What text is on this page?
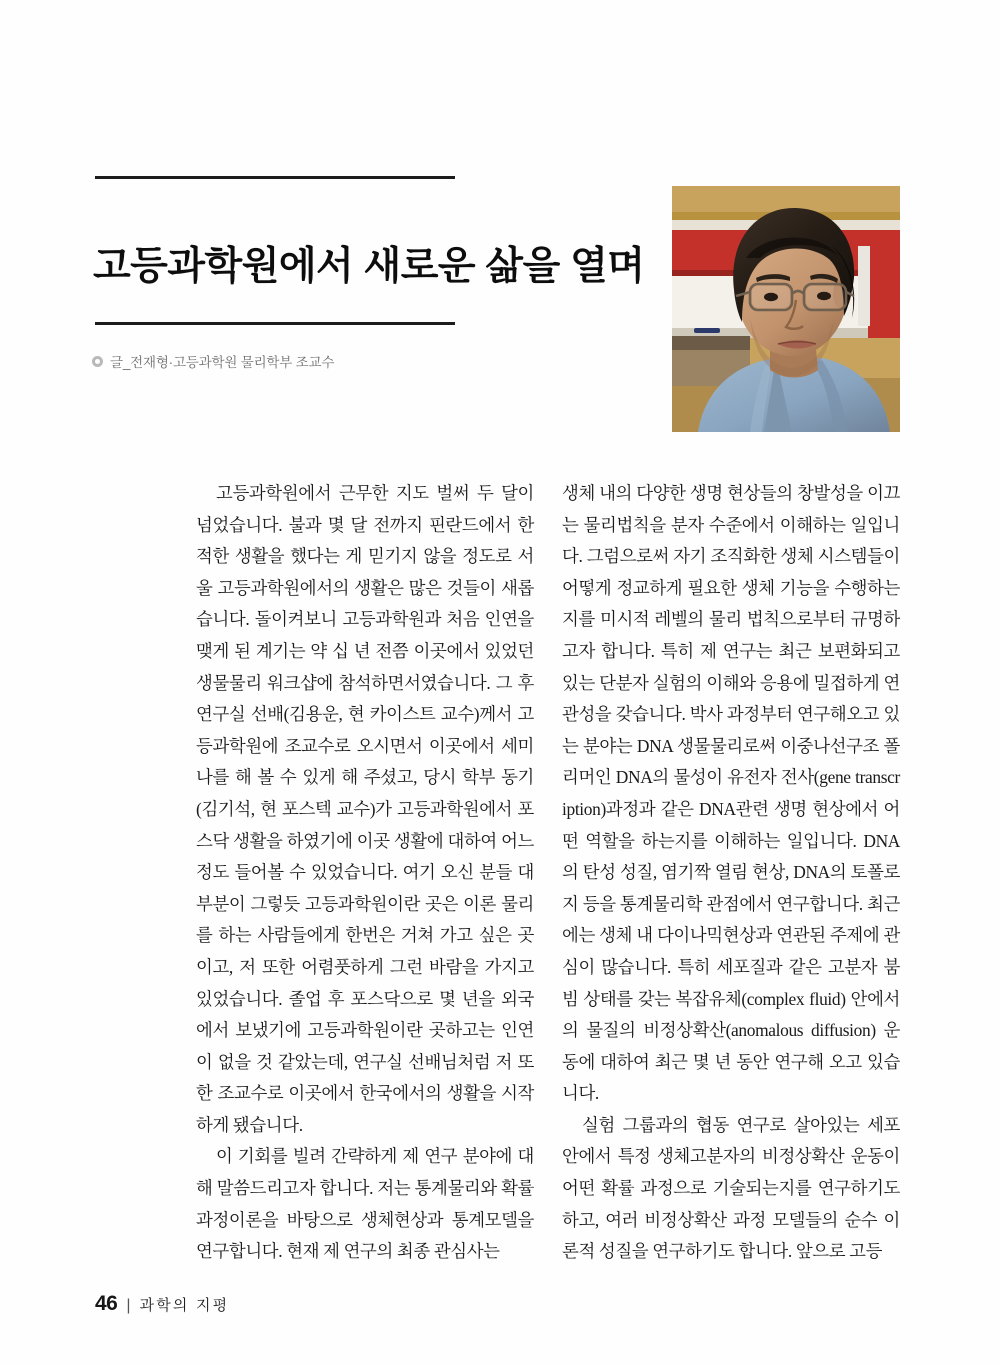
고등과학원에서 새로운 삶을 열며
글_전재형·고등과학원 물리학부 조교수

고등과학원에서 근무한 지도 벌써 두 달이 넘었습니다. 불과 몇 달 전까지 핀란드에서 한적한 생활을 했다는 게 믿기지 않을 정도로 서울 고등과학원에서의 생활은 많은 것들이 새롭습니다. 돌이켜보니 고등과학원과 처음 인연을 맺게 된 계기는 약 십 년 전쯤 이곳에서 있었던 생물물리 워크샵에 참석하면서였습니다. 그 후 연구실 선배(김용운, 현 카이스트 교수)께서 고등과학원에 조교수로 오시면서 이곳에서 세미나를 해 볼 수 있게 해 주셨고, 당시 학부 동기(김기석, 현 포스텍 교수)가 고등과학원에서 포스닥 생활을 하였기에 이곳 생활에 대하여 어느 정도 들어볼 수 있었습니다. 여기 오신 분들 대부분이 그렇듯 고등과학원이란 곳은 이론 물리를 하는 사람들에게 한번은 거쳐 가고 싶은 곳이고, 저 또한 어렴풋하게 그런 바람을 가지고 있었습니다. 졸업 후 포스닥으로 몇 년을 외국에서 보냈기에 고등과학원이란 곳하고는 인연이 없을 것 같았는데, 연구실 선배님처럼 저 또한 조교수로 이곳에서 한국에서의 생활을 시작하게 됐습니다.

이 기회를 빌려 간략하게 제 연구 분야에 대해 말씀드리고자 합니다. 저는 통계물리와 확률 과정이론을 바탕으로 생체현상과 통계모델을 연구합니다. 현재 제 연구의 최종 관심사는

생체 내의 다양한 생명 현상들의 창발성을 이끄는 물리법칙을 분자 수준에서 이해하는 일입니다. 그럼으로써 자기 조직화한 생체 시스템들이 어떻게 정교하게 필요한 생체 기능을 수행하는지를 미시적 레벨의 물리 법칙으로부터 규명하고자 합니다. 특히 제 연구는 최근 보편화되고 있는 단분자 실험의 이해와 응용에 밀접하게 연관성을 갖습니다. 박사 과정부터 연구해오고 있는 분야는 DNA 생물물리로써 이중나선구조 폴리머인 DNA의 물성이 유전자 전사(gene transcription)과정과 같은 DNA관련 생명 현상에서 어떤 역할을 하는지를 이해하는 일입니다. DNA의 탄성 성질, 염기짝 열림 현상, DNA의 토폴로지 등을 통계물리학 관점에서 연구합니다. 최근에는 생체 내 다이나믹현상과 연관된 주제에 관심이 많습니다. 특히 세포질과 같은 고분자 붐빔 상태를 갖는 복잡유체(complex fluid) 안에서의 물질의 비정상확산(anomalous diffusion) 운동에 대하여 최근 몇 년 동안 연구해 오고 있습니다.

실험 그룹과의 협동 연구로 살아있는 세포 안에서 특정 생체고분자의 비정상확산 운동이 어떤 확률 과정으로 기술되는지를 연구하기도 하고, 여러 비정상확산 과정 모델들의 순수 이론적 성질을 연구하기도 합니다. 앞으로 고등

46 | 과학의 지평
